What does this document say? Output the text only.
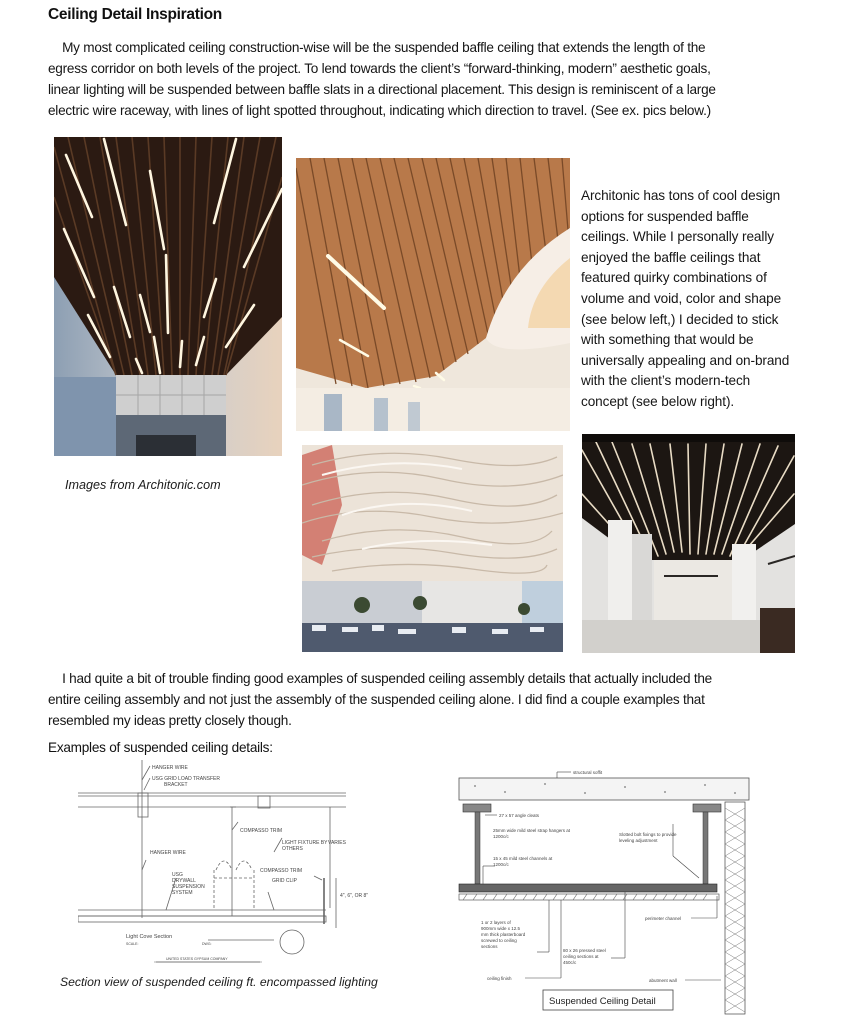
Ceiling Detail Inspiration

My most complicated ceiling construction-wise will be the suspended baffle ceiling that extends the length of the

egress corridor on both levels of the project. To lend towards the client’s “forward-thinking, modern” aesthetic goals,

linear lighting will be suspended between baffle slats in a directional placement. This design is reminiscent of a large

electric wire raceway, with lines of light spotted throughout, indicating which direction to travel. (See ex. pics below.)

Architonic has tons of cool design

options for suspended baffle

ceilings. While I personally really

enjoyed the baffle ceilings that

featured quirky combinations of

volume and void, color and shape

(see below left,) I decided to stick

with something that would be

universally appealing and on-brand

with the client’s modern-tech

concept (see below right).

Images from Architonic.com

I had quite a bit of trouble finding good examples of suspended ceiling assembly details that actually included the

entire ceiling assembly and not just the assembly of the suspended ceiling alone. I did find a couple examples that

resembled my ideas pretty closely though.

Examples of suspended ceiling details:
HANGER WIRE
USG GRID LOAD TRANSFER
BRACKET
COMPASSO TRIM
LIGHT FIXTURE BY
OTHERS
VARIES
HANGER WIRE
COMPASSO TRIM
GRID CLIP
USG
DRYWALL
SUSPENSION
SYSTEM	4", 6", OR 8"
Light Cove Section
SCALE:	DWG:
UNITED STATES GYPSUM COMPANY
Section view of suspended ceiling ft. encompassed lighting
structural soffit
27 x 57 angle cleats
25mm wide mild steel strap hangers at
1200c/c	Slotted bolt fixings to provide
leveling adjustment
15 x 45 mild steel channels at
1200c/c
perimeter channel
1 or 2 layers of
900mm wide x 12.5
mm thick plasterboard
screwed to ceiling
sections
80 x 26 pressed steel
ceiling sections at
450c/c
ceiling finish	abutment wall
Suspended Ceiling Detail
